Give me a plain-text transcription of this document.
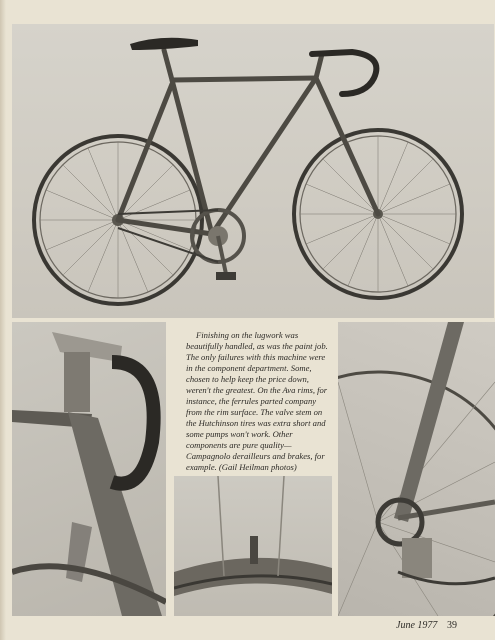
Finishing on the lugwork was beautifully handled, as was the paint job. The only failures with this machine were in the component department. Some, chosen to help keep the price down, weren't the greatest. On the Ava rims, for instance, the ferrules parted company from the rim surface. The valve stem on the Hutchinson tires was extra short and some pumps won't work. Other components are pure quality—Campagnolo derailleurs and brakes, for example. (Gail Heilman photos)

June 1977 39
